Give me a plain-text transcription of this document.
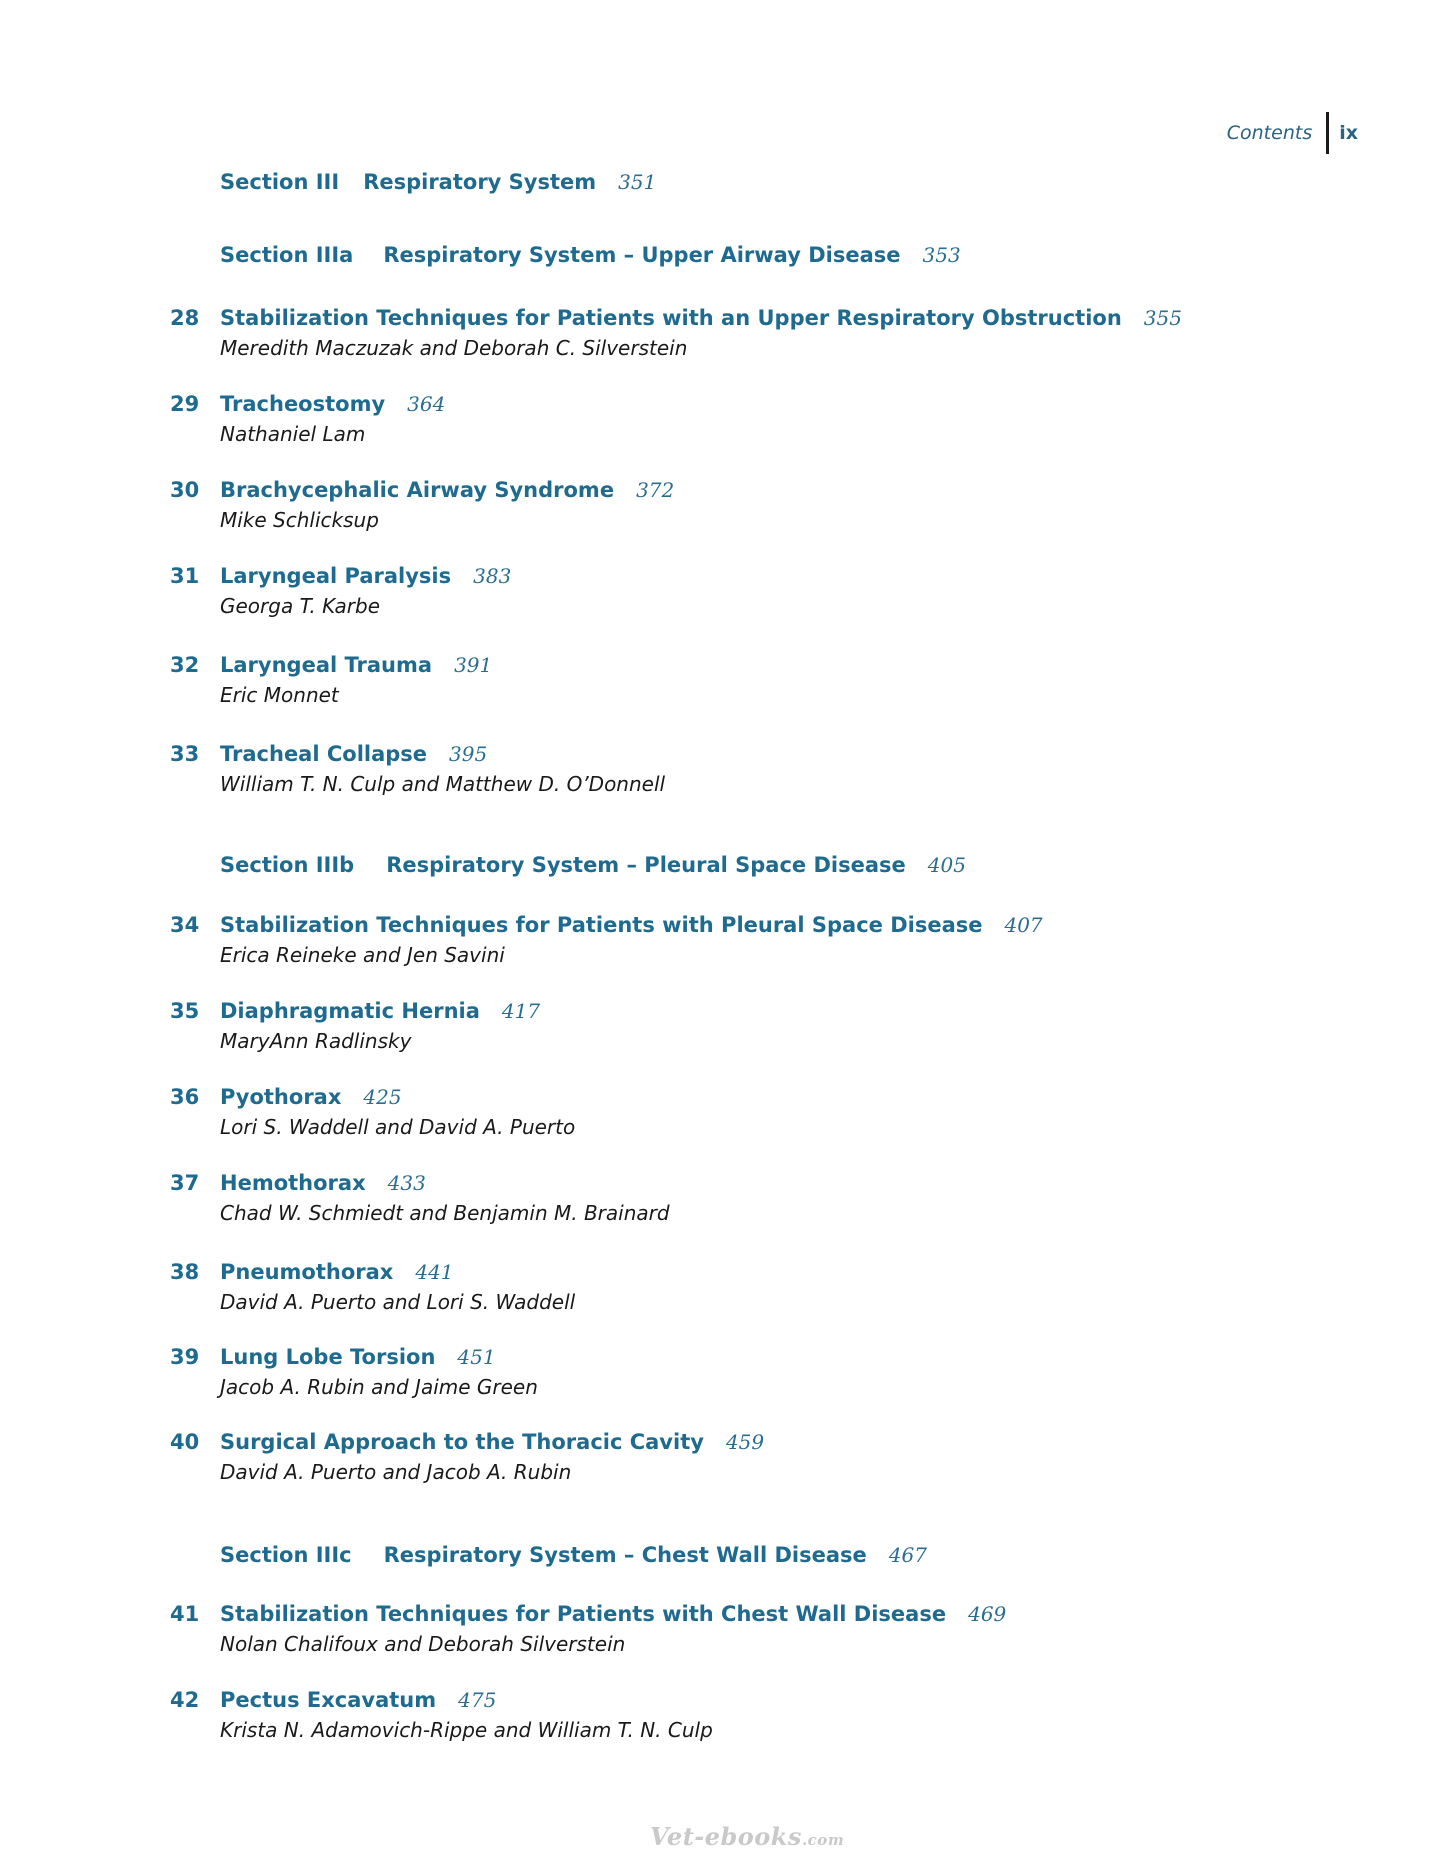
Contents ix
Section III Respiratory System 351
Section IIIa Respiratory System – Upper Airway Disease 353
28 Stabilization Techniques for Patients with an Upper Respiratory Obstruction 355
Meredith Maczuzak and Deborah C. Silverstein
29 Tracheostomy 364
Nathaniel Lam
30 Brachycephalic Airway Syndrome 372
Mike Schlicksup
31 Laryngeal Paralysis 383
Georga T. Karbe
32 Laryngeal Trauma 391
Eric Monnet
33 Tracheal Collapse 395
William T. N. Culp and Matthew D. O’Donnell
Section IIIb Respiratory System – Pleural Space Disease 405
34 Stabilization Techniques for Patients with Pleural Space Disease 407
Erica Reineke and Jen Savini
35 Diaphragmatic Hernia 417
MaryAnn Radlinsky
36 Pyothorax 425
Lori S. Waddell and David A. Puerto
37 Hemothorax 433
Chad W. Schmiedt and Benjamin M. Brainard
38 Pneumothorax 441
David A. Puerto and Lori S. Waddell
39 Lung Lobe Torsion 451
Jacob A. Rubin and Jaime Green
40 Surgical Approach to the Thoracic Cavity 459
David A. Puerto and Jacob A. Rubin
Section IIIc Respiratory System – Chest Wall Disease 467
41 Stabilization Techniques for Patients with Chest Wall Disease 469
Nolan Chalifoux and Deborah Silverstein
42 Pectus Excavatum 475
Krista N. Adamovich-Rippe and William T. N. Culp
Vet-ebooks.com
